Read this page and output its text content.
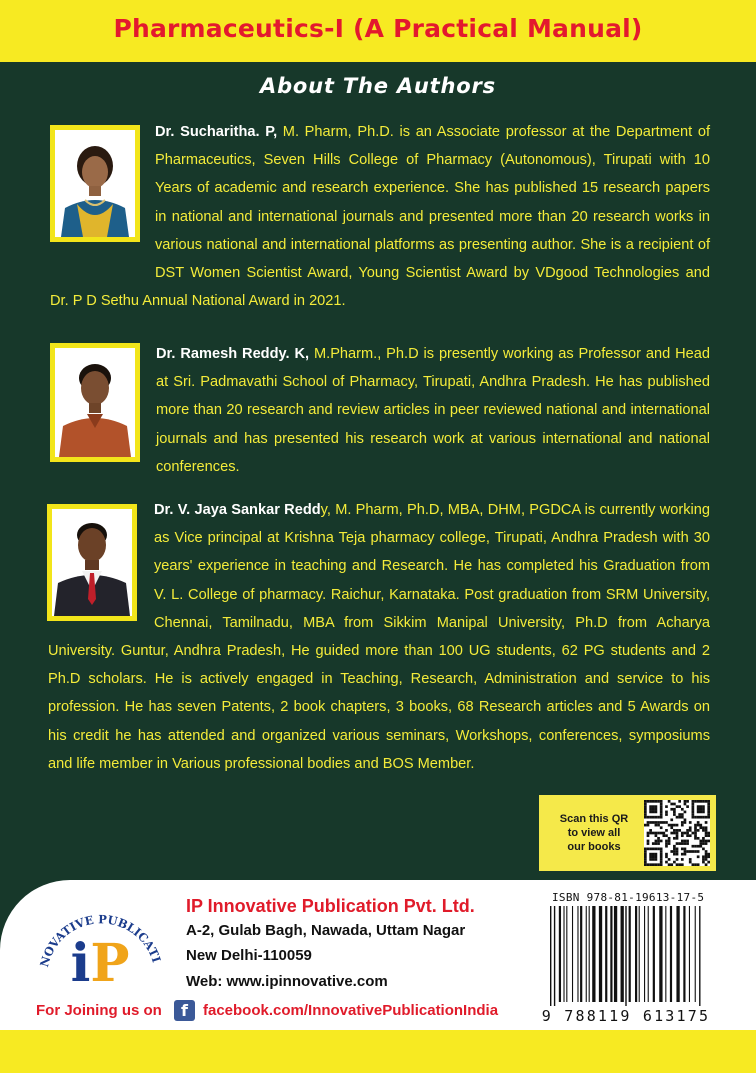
Pharmaceutics-I (A Practical Manual)
About The Authors
Dr. Sucharitha. P, M. Pharm, Ph.D. is an Associate professor at the Department of Pharmaceutics, Seven Hills College of Pharmacy (Autonomous), Tirupati with 10 Years of academic and research experience. She has published 15 research papers in national and international journals and presented more than 20 research works in various national and international platforms as presenting author. She is a recipient of DST Women Scientist Award, Young Scientist Award by VDgood Technologies and Dr. P D Sethu Annual National Award in 2021.
Dr. Ramesh Reddy. K, M.Pharm., Ph.D is presently working as Professor and Head at Sri. Padmavathi School of Pharmacy, Tirupati, Andhra Pradesh. He has published more than 20 research and review articles in peer reviewed national and international journals and has presented his research work at various international and national conferences.
Dr. V. Jaya Sankar Reddy, M. Pharm, Ph.D, MBA, DHM, PGDCA is currently working as Vice principal at Krishna Teja pharmacy college, Tirupati, Andhra Pradesh with 30 years' experience in teaching and Research. He has completed his Graduation from V. L. College of pharmacy. Raichur, Karnataka. Post graduation from SRM University, Chennai, Tamilnadu, MBA from Sikkim Manipal University, Ph.D from Acharya University. Guntur, Andhra Pradesh, He guided more than 100 UG students, 62 PG students and 2 Ph.D scholars. He is actively engaged in Teaching, Research, Administration and service to his profession. He has seven Patents, 2 book chapters, 3 books, 68 Research articles and 5 Awards on his credit he has attended and organized various seminars, Workshops, conferences, symposiums and life member in Various professional bodies and BOS Member.
Scan this QR
to view all
our books
NOVATIVE PUBLICATI
iP
IP Innovative Publication Pvt. Ltd.
A-2, Gulab Bagh, Nawada, Uttam Nagar
New Delhi-110059
Web: www.ipinnovative.com
For Joining us on	f	facebook.com/InnovativePublicationIndia
ISBN 978-81-19613-17-5
9 788119 613175
